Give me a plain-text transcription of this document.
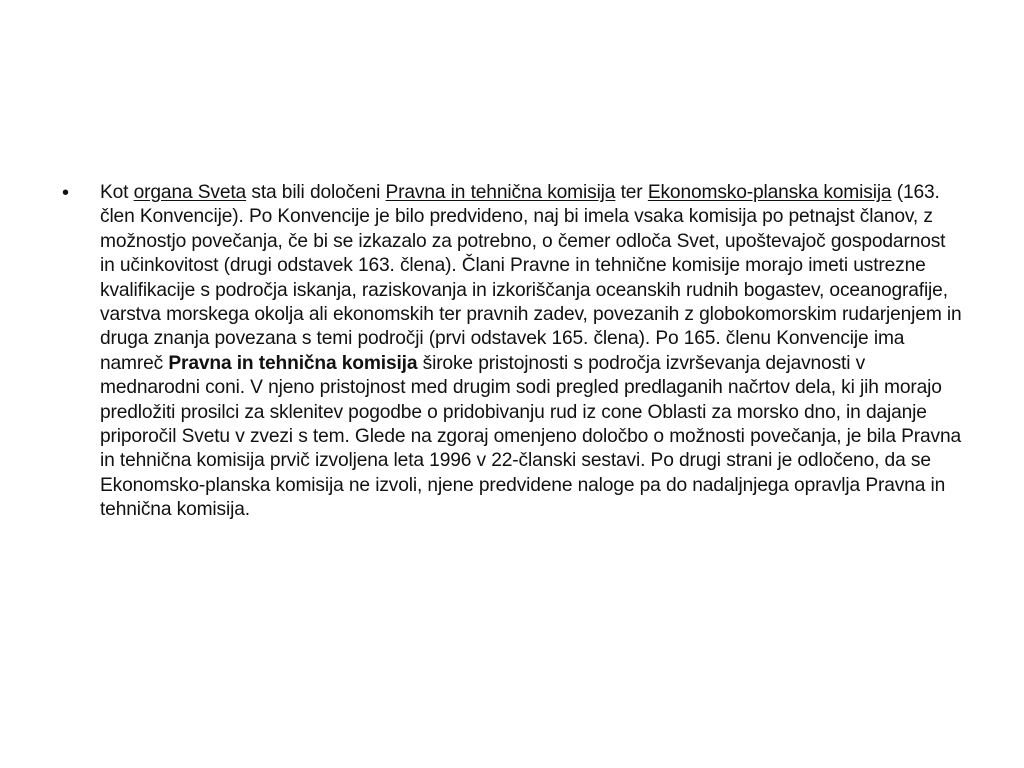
• Kot organa Sveta sta bili določeni Pravna in tehnična komisija ter Ekonomsko-planska komisija (163. člen Konvencije). Po Konvencije je bilo predvideno, naj bi imela vsaka komisija po petnajst članov, z možnostjo povečanja, če bi se izkazalo za potrebno, o čemer odloča Svet, upoštevajoč gospodarnost in učinkovitost (drugi odstavek 163. člena). Člani Pravne in tehnične komisije morajo imeti ustrezne kvalifikacije s področja iskanja, raziskovanja in izkoriščanja oceanskih rudnih bogastev, oceanografije, varstva morskega okolja ali ekonomskih ter pravnih zadev, povezanih z globokomorskim rudarjenjem in druga znanja povezana s temi področji (prvi odstavek 165. člena). Po 165. členu Konvencije ima namreč Pravna in tehnična komisija široke pristojnosti s področja izvrševanja dejavnosti v mednarodni coni. V njeno pristojnost med drugim sodi pregled predlaganih načrtov dela, ki jih morajo predložiti prosilci za sklenitev pogodbe o pridobivanju rud iz cone Oblasti za morsko dno, in dajanje priporočil Svetu v zvezi s tem. Glede na zgoraj omenjeno določbo o možnosti povečanja, je bila Pravna in tehnična komisija prvič izvoljena leta 1996 v 22-članski sestavi. Po drugi strani je odločeno, da se Ekonomsko-planska komisija ne izvoli, njene predvidene naloge pa do nadaljnjega opravlja Pravna in tehnična komisija.
